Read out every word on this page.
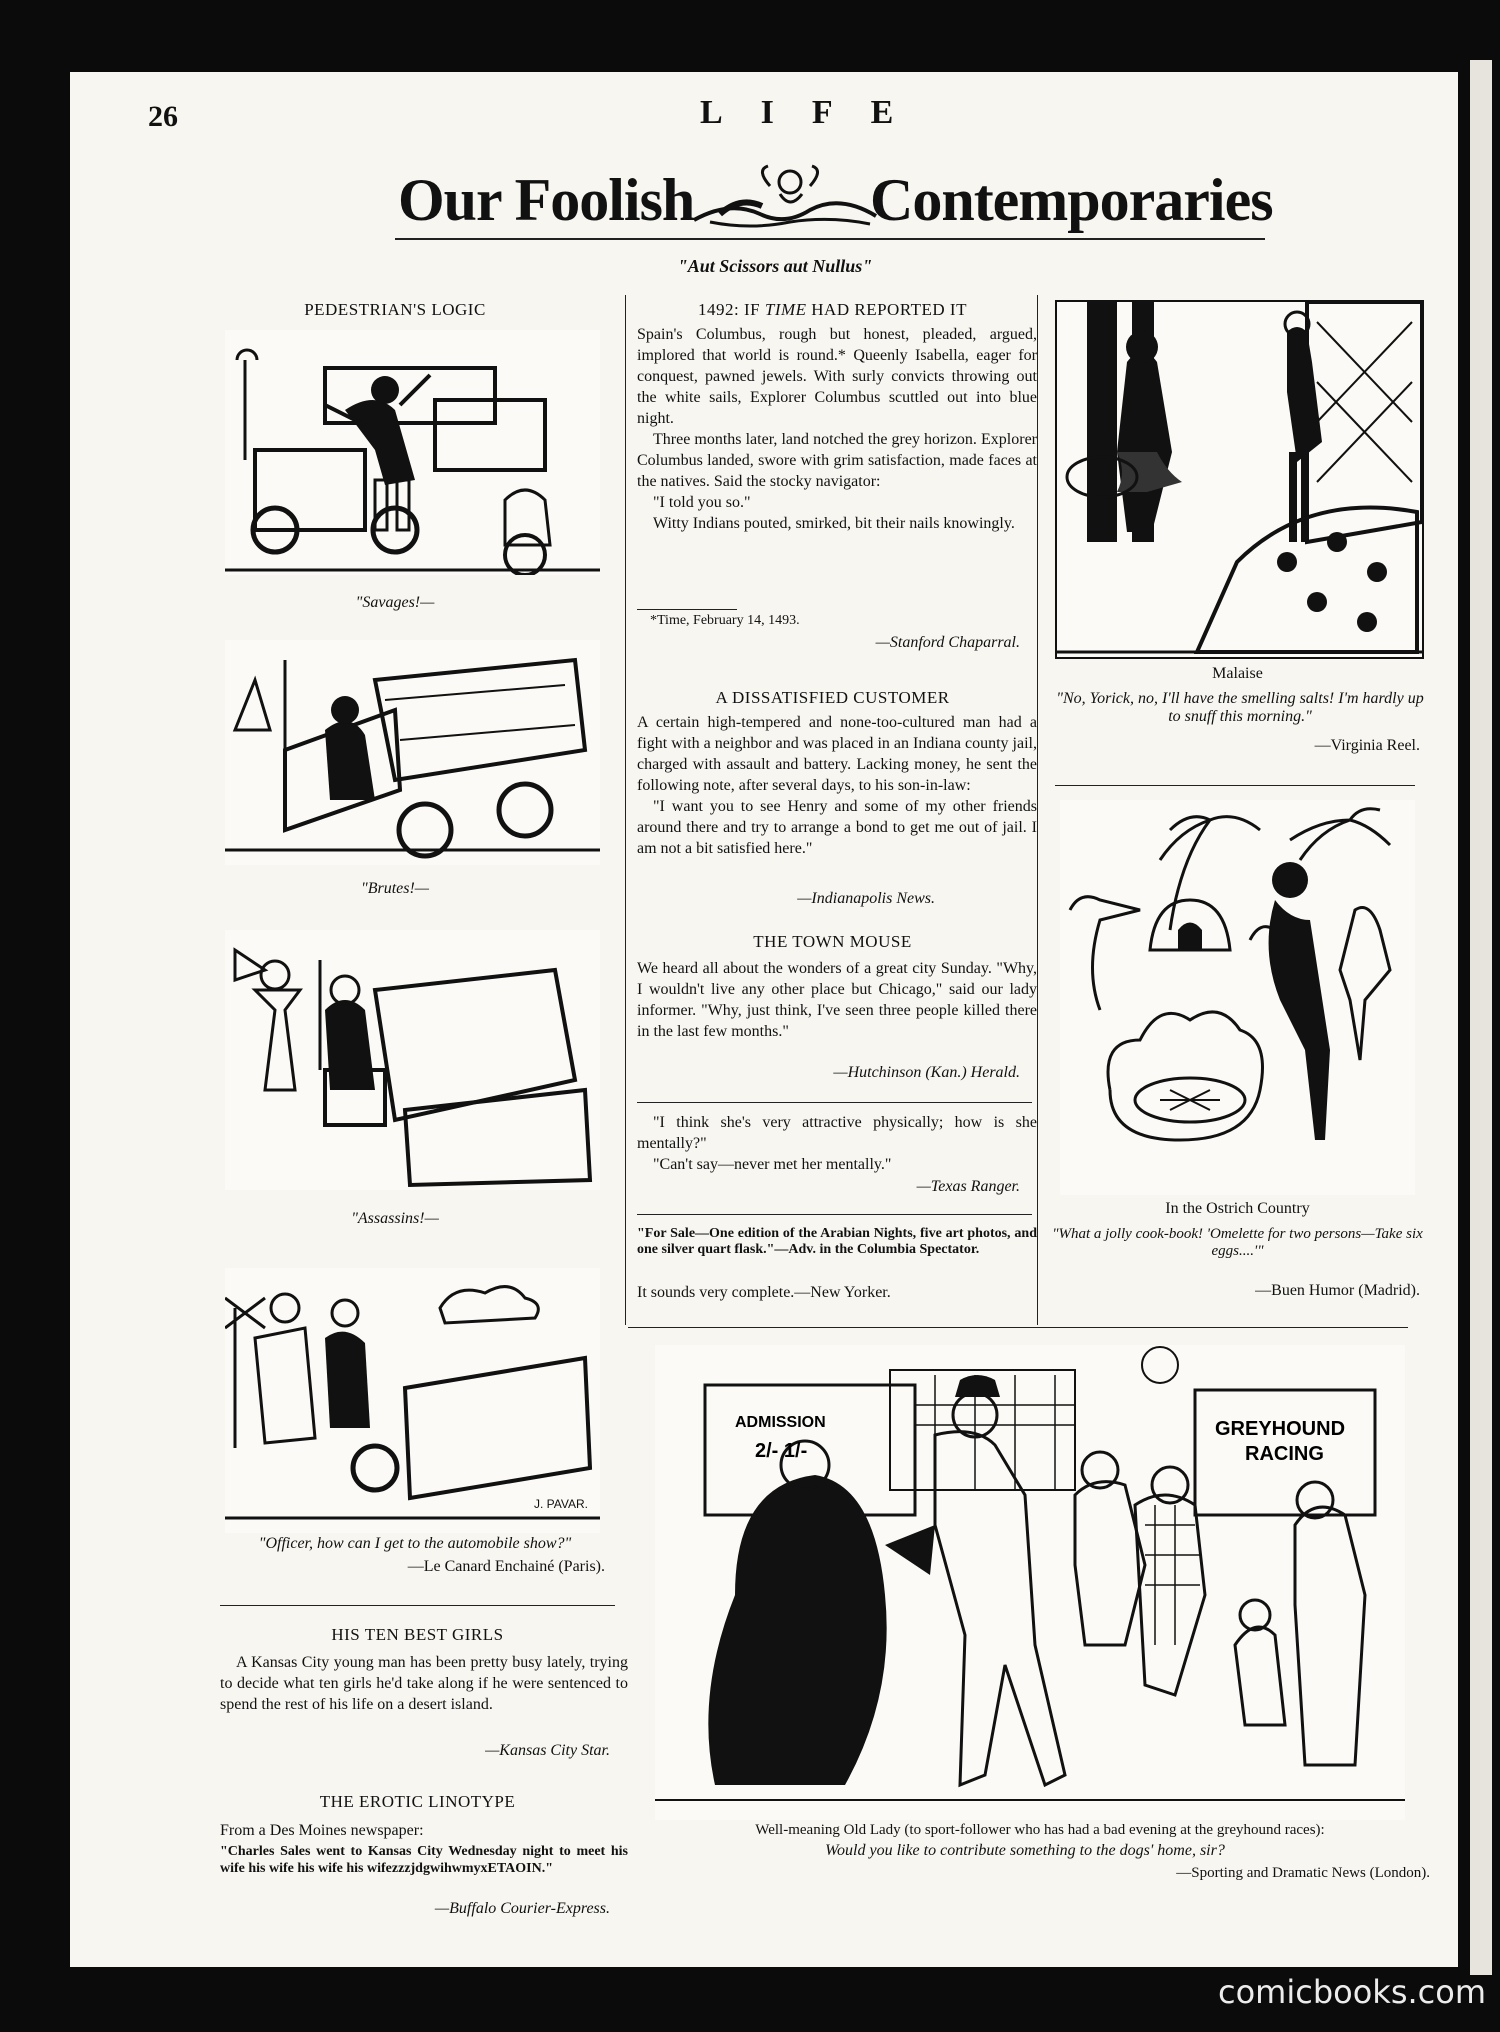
26	LIFE
Our Foolish	Contemporaries
"Aut Scissors aut Nullus"
PEDESTRIAN'S LOGIC
"Savages!—
"Brutes!—
"Assassins!—
J. PAVAR.
"Officer, how can I get to the automobile show?"
—Le Canard Enchainé (Paris).
HIS TEN BEST GIRLS

A Kansas City young man has been pretty busy lately, trying to decide what ten girls he'd take along if he were sentenced to spend the rest of his life on a desert island.

—Kansas City Star.
THE EROTIC LINOTYPE
From a Des Moines newspaper:
"Charles Sales went to Kansas City Wednesday night to meet his wife his wife his wife his wifezzzjdgwihwmyxETAOIN."
—Buffalo Courier-Express.
1492: IF TIME HAD REPORTED IT

Spain's Columbus, rough but honest, pleaded, argued, implored that world is round.* Queenly Isabella, eager for conquest, pawned jewels. With surly convicts throwing out the white sails, Explorer Columbus scuttled out into blue night.

Three months later, land notched the grey horizon. Explorer Columbus landed, swore with grim satisfaction, made faces at the natives. Said the stocky navigator:

"I told you so."

Witty Indians pouted, smirked, bit their nails knowingly.

*Time, February 14, 1493.
—Stanford Chaparral.
A DISSATISFIED CUSTOMER

A certain high-tempered and none-too-cultured man had a fight with a neighbor and was placed in an Indiana county jail, charged with assault and battery. Lacking money, he sent the following note, after several days, to his son-in-law:

"I want you to see Henry and some of my other friends around there and try to arrange a bond to get me out of jail. I am not a bit satisfied here."

—Indianapolis News.
THE TOWN MOUSE

We heard all about the wonders of a great city Sunday. "Why, I wouldn't live any other place but Chicago," said our lady informer. "Why, just think, I've seen three people killed there in the last few months."

—Hutchinson (Kan.) Herald.

"I think she's very attractive physically; how is she mentally?"

"Can't say—never met her mentally."

—Texas Ranger.
"For Sale—One edition of the Arabian Nights, five art photos, and one silver quart flask."—Adv. in the Columbia Spectator.
It sounds very complete.—New Yorker.
Malaise
"No, Yorick, no, I'll have the smelling salts! I'm hardly up to snuff this morning."
—Virginia Reel.
In the Ostrich Country
"What a jolly cook-book! 'Omelette for two persons—Take six eggs....'"
—Buen Humor (Madrid).
ADMISSION
2/- 1/-
GREYHOUND
RACING
Well-meaning Old Lady (to sport-follower who has had a bad evening at the greyhound races):
Would you like to contribute something to the dogs' home, sir?
—Sporting and Dramatic News (London).
comicbooks.com
